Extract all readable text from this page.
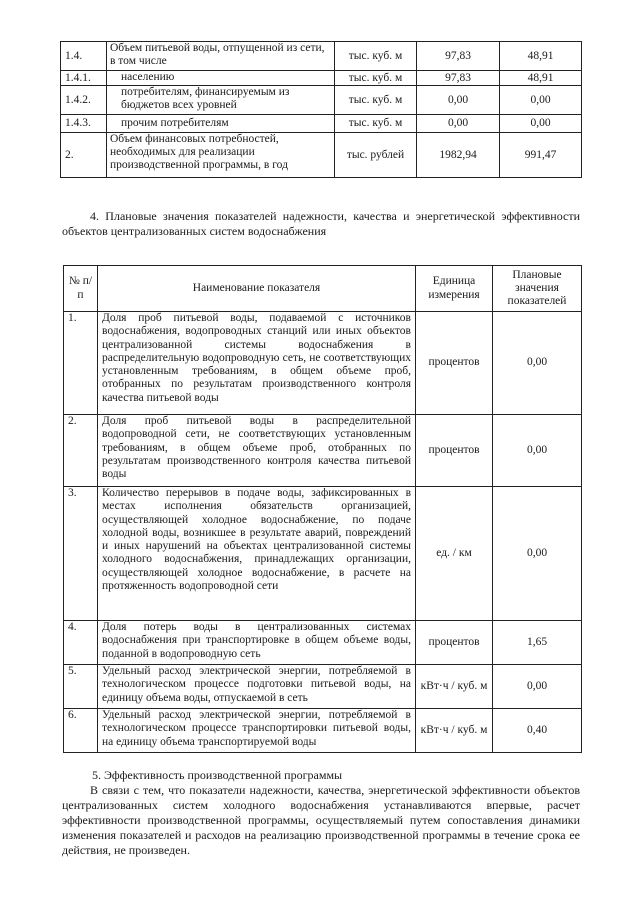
1.4.	Объем питьевой воды, отпущенной из сети, в том числе	тыс. куб. м	97,83	48,91
1.4.1.	населению	тыс. куб. м	97,83	48,91
1.4.2.	потребителям, финансируемым из бюджетов всех уровней	тыс. куб. м	0,00	0,00
1.4.3.	прочим потребителям	тыс. куб. м	0,00	0,00
2.	Объем финансовых потребностей, необходимых для реализации производственной программы, в год	тыс. рублей	1982,94	991,47

4. Плановые значения показателей надежности, качества и энергетической эффективности объектов централизованных систем водоснабжения

№ п/п	Наименование показателя	Единица измерения	Плановые значения показателей
1.	Доля проб питьевой воды, подаваемой с источников водоснабжения, водопроводных станций или иных объектов централизованной системы водоснабжения в распределительную водопроводную сеть, не соответствующих установленным требованиям, в общем объеме проб, отобранных по результатам производственного контроля качества питьевой воды	процентов	0,00
2.	Доля проб питьевой воды в распределительной водопроводной сети, не соответствующих установленным требованиям, в общем объеме проб, отобранных по результатам производственного контроля качества питьевой воды	процентов	0,00
3.	Количество перерывов в подаче воды, зафиксированных в местах исполнения обязательств организацией, осуществляющей холодное водоснабжение, по подаче холодной воды, возникшее в результате аварий, повреждений и иных нарушений на объектах централизованной системы холодного водоснабжения, принадлежащих организации, осуществляющей холодное водоснабжение, в расчете на протяженность водопроводной сети	ед. / км	0,00
4.	Доля потерь воды в централизованных системах водоснабжения при транспортировке в общем объеме воды, поданной в водопроводную сеть	процентов	1,65
5.	Удельный расход электрической энергии, потребляемой в технологическом процессе подготовки питьевой воды, на единицу объема воды, отпускаемой в сеть	кВт·ч / куб. м	0,00
6.	Удельный расход электрической энергии, потребляемой в технологическом процессе транспортировки питьевой воды, на единицу объема транспортируемой воды	кВт·ч / куб. м	0,40

5. Эффективность производственной программы

В связи с тем, что показатели надежности, качества, энергетической эффективности объектов централизованных систем холодного водоснабжения устанавливаются впервые, расчет эффективности производственной программы, осуществляемый путем сопоставления динамики изменения показателей и расходов на реализацию производственной программы в течение срока ее действия, не произведен.
